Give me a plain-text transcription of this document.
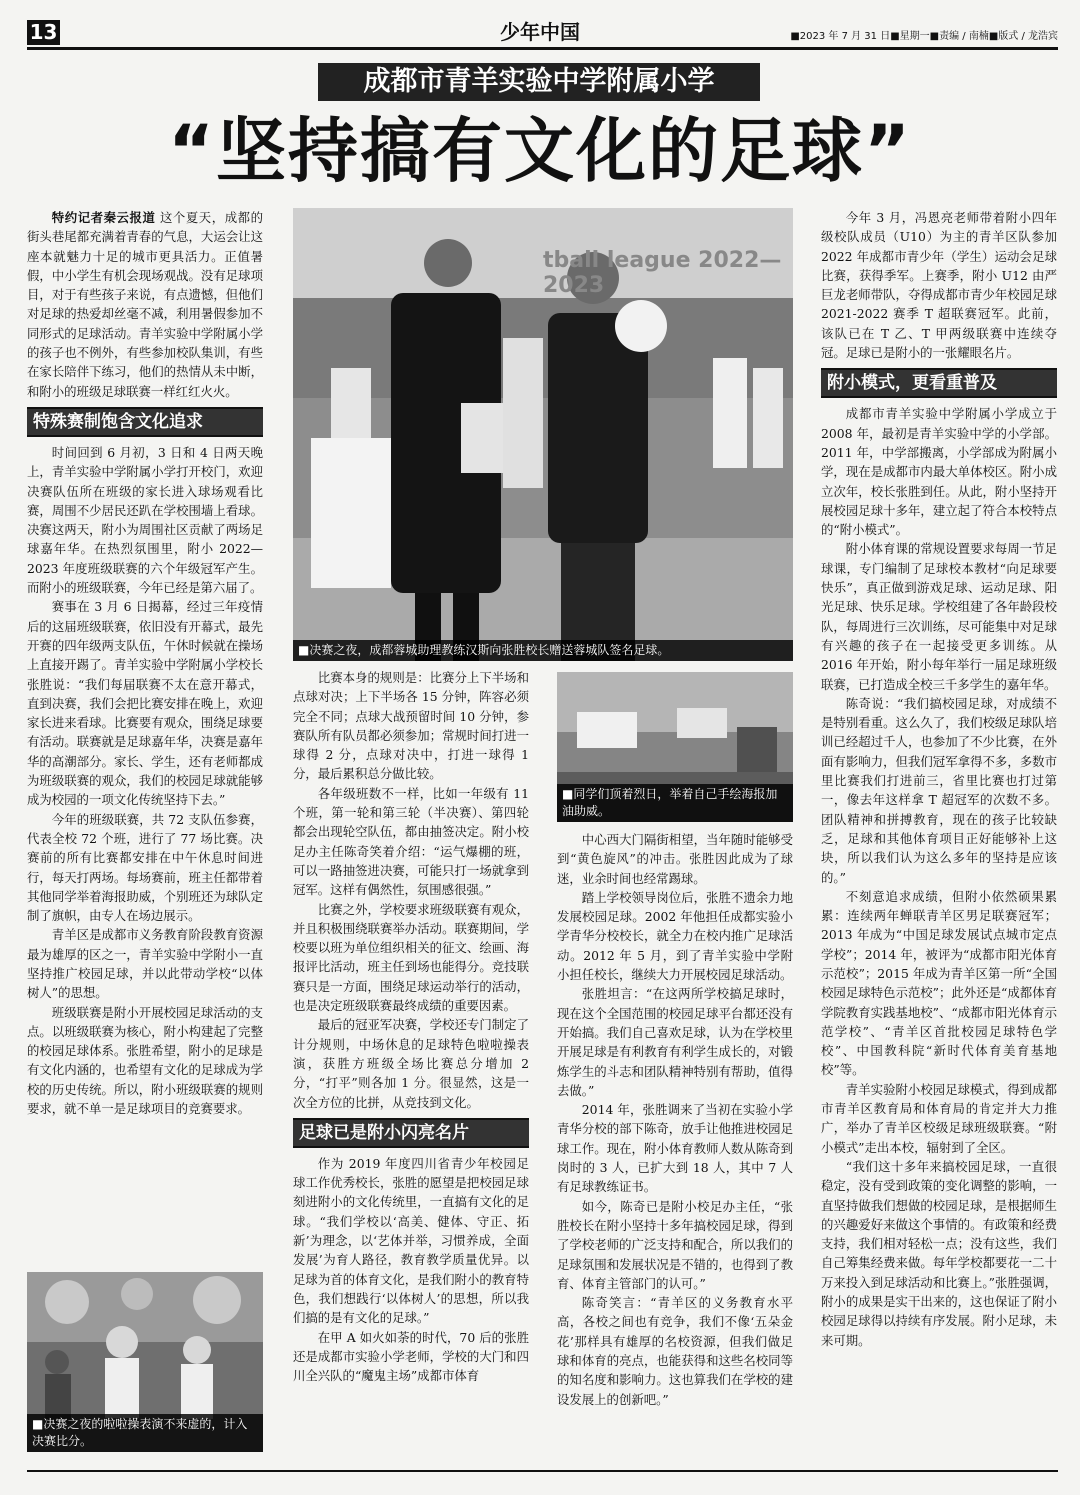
13	少年中国	■2023 年 7 月 31 日■星期一■责编 / 南楠■版式 / 龙浩宾
成都市青羊实验中学附属小学
“坚持搞有文化的足球”

特约记者秦云报道 这个夏天，成都的街头巷尾都充满着青春的气息，大运会让这座本就魅力十足的城市更具活力。正值暑假，中小学生有机会现场观战。没有足球项目，对于有些孩子来说，有点遗憾，但他们对足球的热爱却丝毫不减，利用暑假参加不同形式的足球活动。青羊实验中学附属小学的孩子也不例外，有些参加校队集训，有些在家长陪伴下练习，他们的热情从未中断，和附小的班级足球联赛一样红红火火。

特殊赛制饱含文化追求

时间回到 6 月初，3 日和 4 日两天晚上，青羊实验中学附属小学打开校门，欢迎决赛队伍所在班级的家长进入球场观看比赛，周围不少居民还趴在学校围墙上看球。决赛这两天，附小为周围社区贡献了两场足球嘉年华。在热烈氛围里，附小 2022—2023 年度班级联赛的六个年级冠军产生。而附小的班级联赛，今年已经是第六届了。

赛事在 3 月 6 日揭幕，经过三年疫情后的这届班级联赛，依旧没有开幕式，最先开赛的四年级两支队伍，午休时候就在操场上直接开踢了。青羊实验中学附属小学校长张胜说：“我们每届联赛不太在意开幕式，直到决赛，我们会把比赛安排在晚上，欢迎家长进来看球。比赛要有观众，围绕足球要有活动。联赛就是足球嘉年华，决赛是嘉年华的高潮部分。家长、学生，还有老师都成为班级联赛的观众，我们的校园足球就能够成为校园的一项文化传统坚持下去。”

今年的班级联赛，共 72 支队伍参赛，代表全校 72 个班，进行了 77 场比赛。决赛前的所有比赛都安排在中午休息时间进行，每天打两场。每场赛前，班主任都带着其他同学举着海报助威，个别班还为球队定制了旗帜，由专人在场边展示。

青羊区是成都市义务教育阶段教育资源最为雄厚的区之一，青羊实验中学附小一直坚持推广校园足球，并以此带动学校“以体树人”的思想。

班级联赛是附小开展校园足球活动的支点。以班级联赛为核心，附小构建起了完整的校园足球体系。张胜希望，附小的足球是有文化内涵的，也希望有文化的足球成为学校的历史传统。所以，附小班级联赛的规则要求，就不单一是足球项目的竞赛要求。

■决赛之夜的啦啦操表演不来虚的，计入决赛比分。
tball league 2022—2023
■决赛之夜，成都蓉城助理教练汉斯向张胜校长赠送蓉城队签名足球。

比赛本身的规则是：比赛分上下半场和点球对决；上下半场各 15 分钟，阵容必须完全不同；点球大战预留时间 10 分钟，参赛队所有队员都必须参加；常规时间打进一球得 2 分，点球对决中，打进一球得 1 分，最后累积总分做比较。

各年级班数不一样，比如一年级有 11 个班，第一轮和第三轮（半决赛）、第四轮都会出现轮空队伍，都由抽签决定。附小校足办主任陈奇笑着介绍：“运气爆棚的班，可以一路抽签进决赛，可能只打一场就拿到冠军。这样有偶然性，氛围感很强。”

比赛之外，学校要求班级联赛有观众，并且积极围绕联赛举办活动。联赛期间，学校要以班为单位组织相关的征文、绘画、海报评比活动，班主任到场也能得分。竞技联赛只是一方面，围绕足球运动举行的活动，也是决定班级联赛最终成绩的重要因素。

最后的冠亚军决赛，学校还专门制定了计分规则，中场休息的足球特色啦啦操表演，获胜方班级全场比赛总分增加 2 分，“打平”则各加 1 分。很显然，这是一次全方位的比拼，从竞技到文化。

足球已是附小闪亮名片

作为 2019 年度四川省青少年校园足球工作优秀校长，张胜的愿望是把校园足球刻进附小的文化传统里，一直搞有文化的足球。“我们学校以‘高美、健体、守正、拓新’为理念，以‘艺体并举，习惯养成，全面发展’为育人路径，教育教学质量优异。以足球为首的体育文化，是我们附小的教育特色，我们想践行‘以体树人’的思想，所以我们搞的是有文化的足球。”

在甲 A 如火如荼的时代，70 后的张胜还是成都市实验小学老师，学校的大门和四川全兴队的“魔鬼主场”成都市体育

■同学们顶着烈日，举着自己手绘海报加油助威。

中心西大门隔街相望，当年随时能够受到“黄色旋风”的冲击。张胜因此成为了球迷，业余时间也经常踢球。

踏上学校领导岗位后，张胜不遗余力地发展校园足球。2002 年他担任成都实验小学青华分校校长，就全力在校内推广足球活动。2012 年 5 月，到了青羊实验中学附小担任校长，继续大力开展校园足球活动。

张胜坦言：“在这两所学校搞足球时，现在这个全国范围的校园足球平台都还没有开始搞。我们自己喜欢足球，认为在学校里开展足球是有利教育有利学生成长的，对锻炼学生的斗志和团队精神特别有帮助，值得去做。”

2014 年，张胜调来了当初在实验小学青华分校的部下陈奇，放手让他推进校园足球工作。现在，附小体育教师人数从陈奇到岗时的 3 人，已扩大到 18 人，其中 7 人有足球教练证书。

如今，陈奇已是附小校足办主任，“张胜校长在附小坚持十多年搞校园足球，得到了学校老师的广泛支持和配合，所以我们的足球氛围和发展状况是不错的，也得到了教育、体育主管部门的认可。”

陈奇笑言：“青羊区的义务教育水平高，各校之间也有竞争，我们不像‘五朵金花’那样具有雄厚的名校资源，但我们做足球和体育的亮点，也能获得和这些名校同等的知名度和影响力。这也算我们在学校的建设发展上的创新吧。”

今年 3 月，冯恩亮老师带着附小四年级校队成员（U10）为主的青羊区队参加 2022 年成都市青少年（学生）运动会足球比赛，获得季军。上赛季，附小 U12 由严巨龙老师带队，夺得成都市青少年校园足球 2021-2022 赛季 T 超联赛冠军。此前，该队已在 T 乙、T 甲两级联赛中连续夺冠。足球已是附小的一张耀眼名片。

附小模式，更看重普及

成都市青羊实验中学附属小学成立于 2008 年，最初是青羊实验中学的小学部。2011 年，中学部搬离，小学部成为附属小学，现在是成都市内最大单体校区。附小成立次年，校长张胜到任。从此，附小坚持开展校园足球十多年，建立起了符合本校特点的“附小模式”。

附小体育课的常规设置要求每周一节足球课，专门编制了足球校本教材“向足球要快乐”，真正做到游戏足球、运动足球、阳光足球、快乐足球。学校组建了各年龄段校队，每周进行三次训练，尽可能集中对足球有兴趣的孩子在一起接受更多训练。从 2016 年开始，附小每年举行一届足球班级联赛，已打造成全校三千多学生的嘉年华。

陈奇说：“我们搞校园足球，对成绩不是特别看重。这么久了，我们校级足球队培训已经超过千人，也参加了不少比赛，在外面有影响力，但我们冠军拿得不多，多数市里比赛我们打进前三，省里比赛也打过第一，像去年这样拿 T 超冠军的次数不多。团队精神和拼搏教育，现在的孩子比较缺乏，足球和其他体育项目正好能够补上这块，所以我们认为这么多年的坚持是应该的。”

不刻意追求成绩，但附小依然硕果累累：连续两年蝉联青羊区男足联赛冠军；2013 年成为“中国足球发展试点城市定点学校”；2014 年，被评为“成都市阳光体育示范校”；2015 年成为青羊区第一所“全国校园足球特色示范校”；此外还是“成都体育学院教育实践基地校”、“成都市阳光体育示范学校”、“青羊区首批校园足球特色学校”、中国教科院“新时代体育美育基地校”等。

青羊实验附小校园足球模式，得到成都市青羊区教育局和体育局的肯定并大力推广，举办了青羊区校级足球班级联赛。“附小模式”走出本校，辐射到了全区。

“我们这十多年来搞校园足球，一直很稳定，没有受到政策的变化调整的影响，一直坚持做我们想做的校园足球，是根据师生的兴趣爱好来做这个事情的。有政策和经费支持，我们相对轻松一点；没有这些，我们自己筹集经费来做。每年学校都要花一二十万来投入到足球活动和比赛上。”张胜强调，附小的成果是实干出来的，这也保证了附小校园足球得以持续有序发展。附小足球，未来可期。
